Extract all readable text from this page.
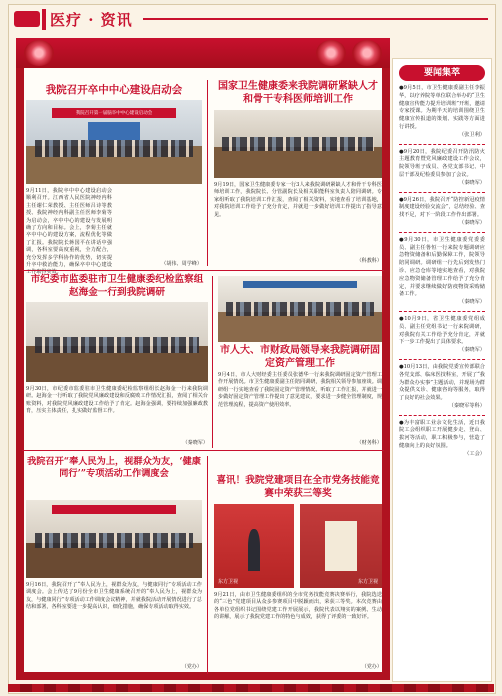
医疗 · 资讯
我院召开卒中中心建设启动会
我院召开第一届脑卒中中心建设启动会
9月11日，我院卒中中心建设启动会顺利召开。江西省人民医院神经内科主任谢仁荣教授、主任医师吕诗等教授、我院神经内科副主任医师李菊等为启动会，卒中中心的建设与发展明确了方向和目标。会上，李菊主任就卒中中心的建设方案，流程优化等做了汇报。我院院长蒋国平在讲话中强调，各科室要高度重视，全力配合，充分发挥多学科协作的优势，切实提升卒中救治能力，确保卒中中心建设工作取得实效。
（胡伟、周学峰）
国家卫生健康委来我院调研紧缺人才和骨干专科医师培训工作
9月19日，国家卫生健康委专家一行3人来我院调研紧缺人才和骨干专科医师培训工作，我院院长、分管副院长及相关职能科室负责人陪同调研。专家组听取了我院培训工作汇报，查阅了相关资料，实地查看了培训基地，对我院培训工作给予了充分肯定，并就进一步做好培训工作提出了指导意见。
（科教科）
市纪委市监委驻市卫生健康委纪检监察组赵海金一行到我院调研
9月30日，市纪委市监委驻市卫生健康委纪检监察组组长赵海金一行来我院调研。赵海金一行听取了我院党风廉政建设和反腐败工作情况汇报，查阅了相关台账资料，对我院党风廉政建设工作给予了肯定。赵海金强调，要持续加强廉政教育，压实主体责任，扎实做好监督工作。
（秦晓军）
市人大、市财政局领导来我院调研固定资产管理工作
9月4日，市人大财经委主任委员张德华一行来我院调研固定资产管理工作开展情况。市卫生健康委副主任陪同调研，我院相关领导参加座谈。调研组一行实地查看了我院固定资产管理情况，听取了工作汇报，并就进一步做好固定资产管理工作提出了意见建议，要求进一步健全管理制度，规范管理流程，提高资产使用效率。
（财务科）
我院召开“奉人民为上，视群众为友，‘健康同行’”专项活动工作调度会
9月16日，我院召开了“奉人民为上，视群众为友，与健康同行”专项活动工作调度会。会上传达了9月份全市卫生健康系统召开的“奉人民为上，视群众为友，与健康同行”专项活动工作调度会议精神，并就我院活动开展情况进行了总结和部署，各科室要进一步提高认识，细化措施，确保专项活动取得实效。
（党办）
喜讯！我院党建项目在全市党务技能竞赛中荣获三等奖
东方卫视	东方卫视
9月21日，由市卫生健康委组织的全市党务技能竞赛决赛举行，我院选送的“三色”党建项目从众多参赛项目中脱颖而出，荣获三等奖。本次竞赛由各单位党组织书记围绕党建工作开展展示，我院代表以翔实的案例、生动的讲解，展示了我院党建工作的特色与成效，获得了评委的一致好评。
（党办）
要闻集萃
●9月5日，市卫生健康委副主任李振华，以疗养院等单位联合举办的“卫生健康宣传能力提升培训班”开班，邀请专家授课。为期半天的培训围绕卫生健康宣传报道的策划、实践等方面进行讲授。
（张卫利）
●9月20日，我院纪委召开防汛防火主题教育暨党风廉政建设工作会议，院领导班子成员、各党支部书记、中层干部及纪检委员参加了会议。
（秦晓军）
●9月26日，我院召开“防控新冠疫情制度建设经验交流会”，总结经验、查找不足，对下一阶段工作作出部署。
（秦晓军）
●9月30日，市卫生健康委党委委员、副主任鲁恒一行来院专题调研应急物资储备和后勤保障工作，院领导陪同调研。调研组一行先后到发热门诊、应急仓库等地实地查看，对我院应急物资储备管理工作给予了充分肯定，并要求继续做好防疫物资采购储备工作。
（秦晓军）
●10月9日，省卫生健康委党组成员、副主任党组书记一行来院调研，对我院有关工作给予充分肯定，并就下一步工作提出了具体要求。
（秦晓军）
●10月13日，由我院党委宣传部联合各党支部、临床医技科室，开展了“我为群众办实事”主题活动，并现场为群众提供义诊、健康咨询等服务，取得了良好的社会效果。
（秦晓军等科）
●为丰富职工业余文化生活，近日我院工会组织职工开展健步走、登山、拔河等活动，职工积极参与，营造了健康向上的良好氛围。
（工会）
